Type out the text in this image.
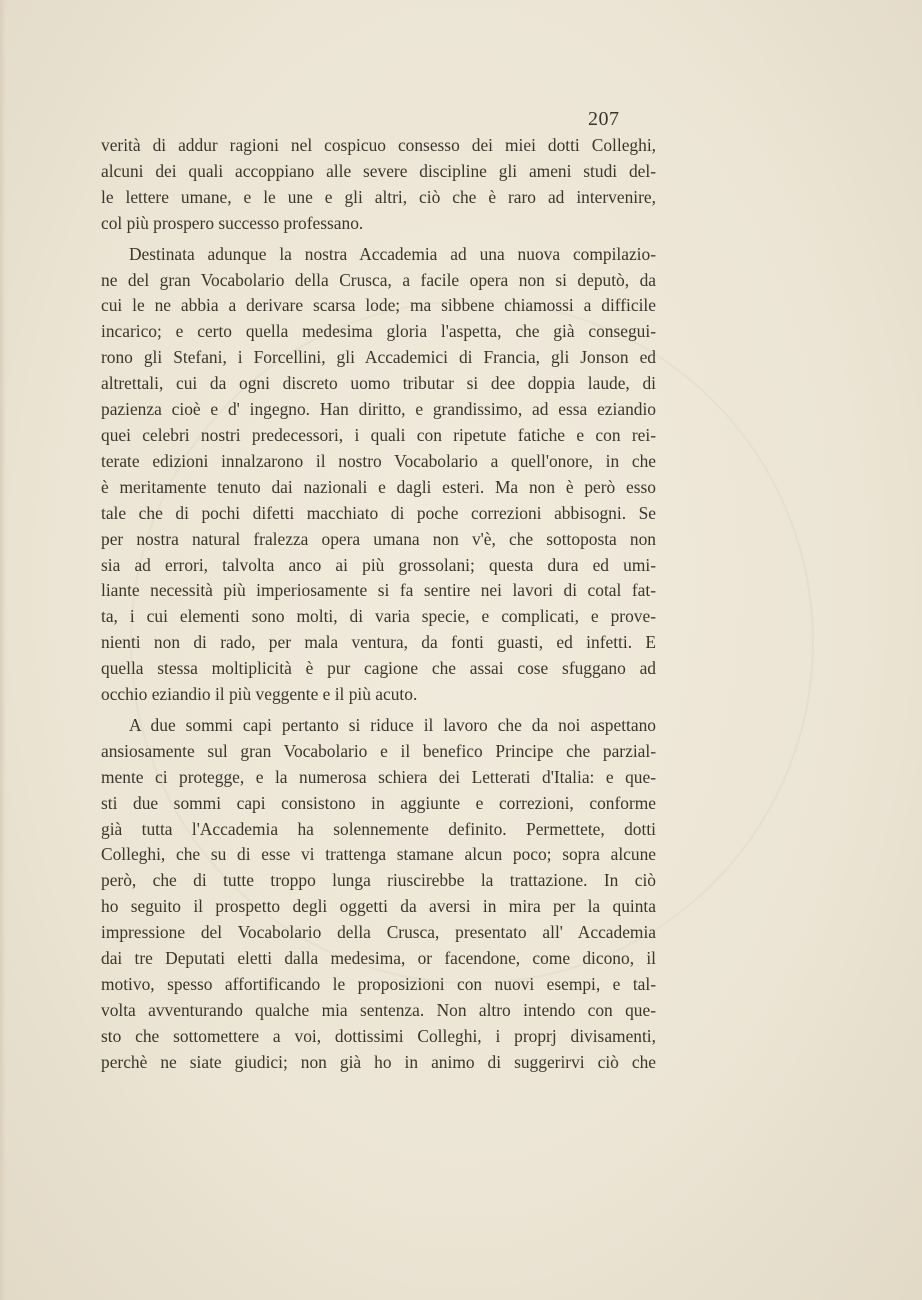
207

verità di addur ragioni nel cospicuo consesso dei miei dotti Colleghi,
alcuni dei quali accoppiano alle severe discipline gli ameni studi del-
le lettere umane, e le une e gli altri, ciò che è raro ad intervenire,
col più prospero successo professano.

Destinata adunque la nostra Accademia ad una nuova compilazio-
ne del gran Vocabolario della Crusca, a facile opera non si deputò, da
cui le ne abbia a derivare scarsa lode; ma sibbene chiamossi a difficile
incarico; e certo quella medesima gloria l'aspetta, che già consegui-
rono gli Stefani, i Forcellini, gli Accademici di Francia, gli Jonson ed
altrettali, cui da ogni discreto uomo tributar si dee doppia laude, di
pazienza cioè e d' ingegno. Han diritto, e grandissimo, ad essa eziandio
quei celebri nostri predecessori, i quali con ripetute fatiche e con rei-
terate edizioni innalzarono il nostro Vocabolario a quell'onore, in che
è meritamente tenuto dai nazionali e dagli esteri. Ma non è però esso
tale che di pochi difetti macchiato di poche correzioni abbisogni. Se
per nostra natural fralezza opera umana non v'è, che sottoposta non
sia ad errori, talvolta anco ai più grossolani; questa dura ed umi-
liante necessità più imperiosamente si fa sentire nei lavori di cotal fat-
ta, i cui elementi sono molti, di varia specie, e complicati, e prove-
nienti non di rado, per mala ventura, da fonti guasti, ed infetti. E
quella stessa moltiplicità è pur cagione che assai cose sfuggano ad
occhio eziandio il più veggente e il più acuto.

A due sommi capi pertanto si riduce il lavoro che da noi aspettano
ansiosamente sul gran Vocabolario e il benefico Principe che parzial-
mente ci protegge, e la numerosa schiera dei Letterati d'Italia: e que-
sti due sommi capi consistono in aggiunte e correzioni, conforme
già tutta l'Accademia ha solennemente definito. Permettete, dotti
Colleghi, che su di esse vi trattenga stamane alcun poco; sopra alcune
però, che di tutte troppo lunga riuscirebbe la trattazione. In ciò
ho seguito il prospetto degli oggetti da aversi in mira per la quinta
impressione del Vocabolario della Crusca, presentato all' Accademia
dai tre Deputati eletti dalla medesima, or facendone, come dicono, il
motivo, spesso affortificando le proposizioni con nuovi esempi, e tal-
volta avventurando qualche mia sentenza. Non altro intendo con que-
sto che sottomettere a voi, dottissimi Colleghi, i proprj divisamenti,
perchè ne siate giudici; non già ho in animo di suggerirvi ciò che
